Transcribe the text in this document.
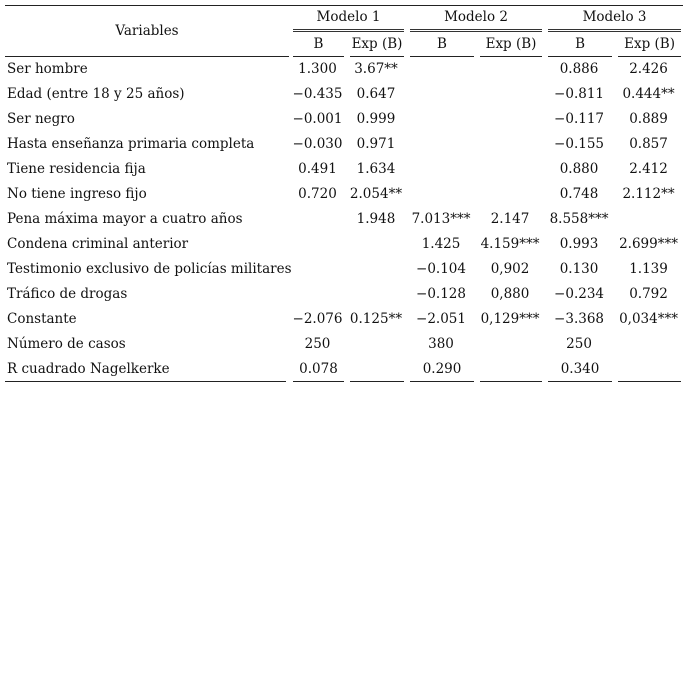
Variables	Modelo 1		Modelo 2		Modelo 3	

	B	Exp (B)	B	Exp (B)	B	Exp (B)

Ser hombre	1.300	3.67**			0.886	2.426
Edad (entre 18 y 25 años)	−0.435	0.647			−0.811	0.444**
Ser negro	−0.001	0.999			−0.117	0.889
Hasta enseñanza primaria completa	−0.030	0.971			−0.155	0.857
Tiene residencia fija	0.491	1.634			0.880	2.412
No tiene ingreso fijo	0.720	2.054**			0.748	2.112**
Pena máxima mayor a cuatro años		1.948	7.013***	2.147	8.558***	
Condena criminal anterior			1.425	4.159***	0.993	2.699***
Testimonio exclusivo de policías militares			−0.104	0,902	0.130	1.139
Tráfico de drogas			−0.128	0,880	−0.234	0.792
Constante	−2.076	0.125**	−2.051	0,129***	−3.368	0,034***
Número de casos	250		380		250	

R cuadrado Nagelkerke	0.078		0.290		0.340	
